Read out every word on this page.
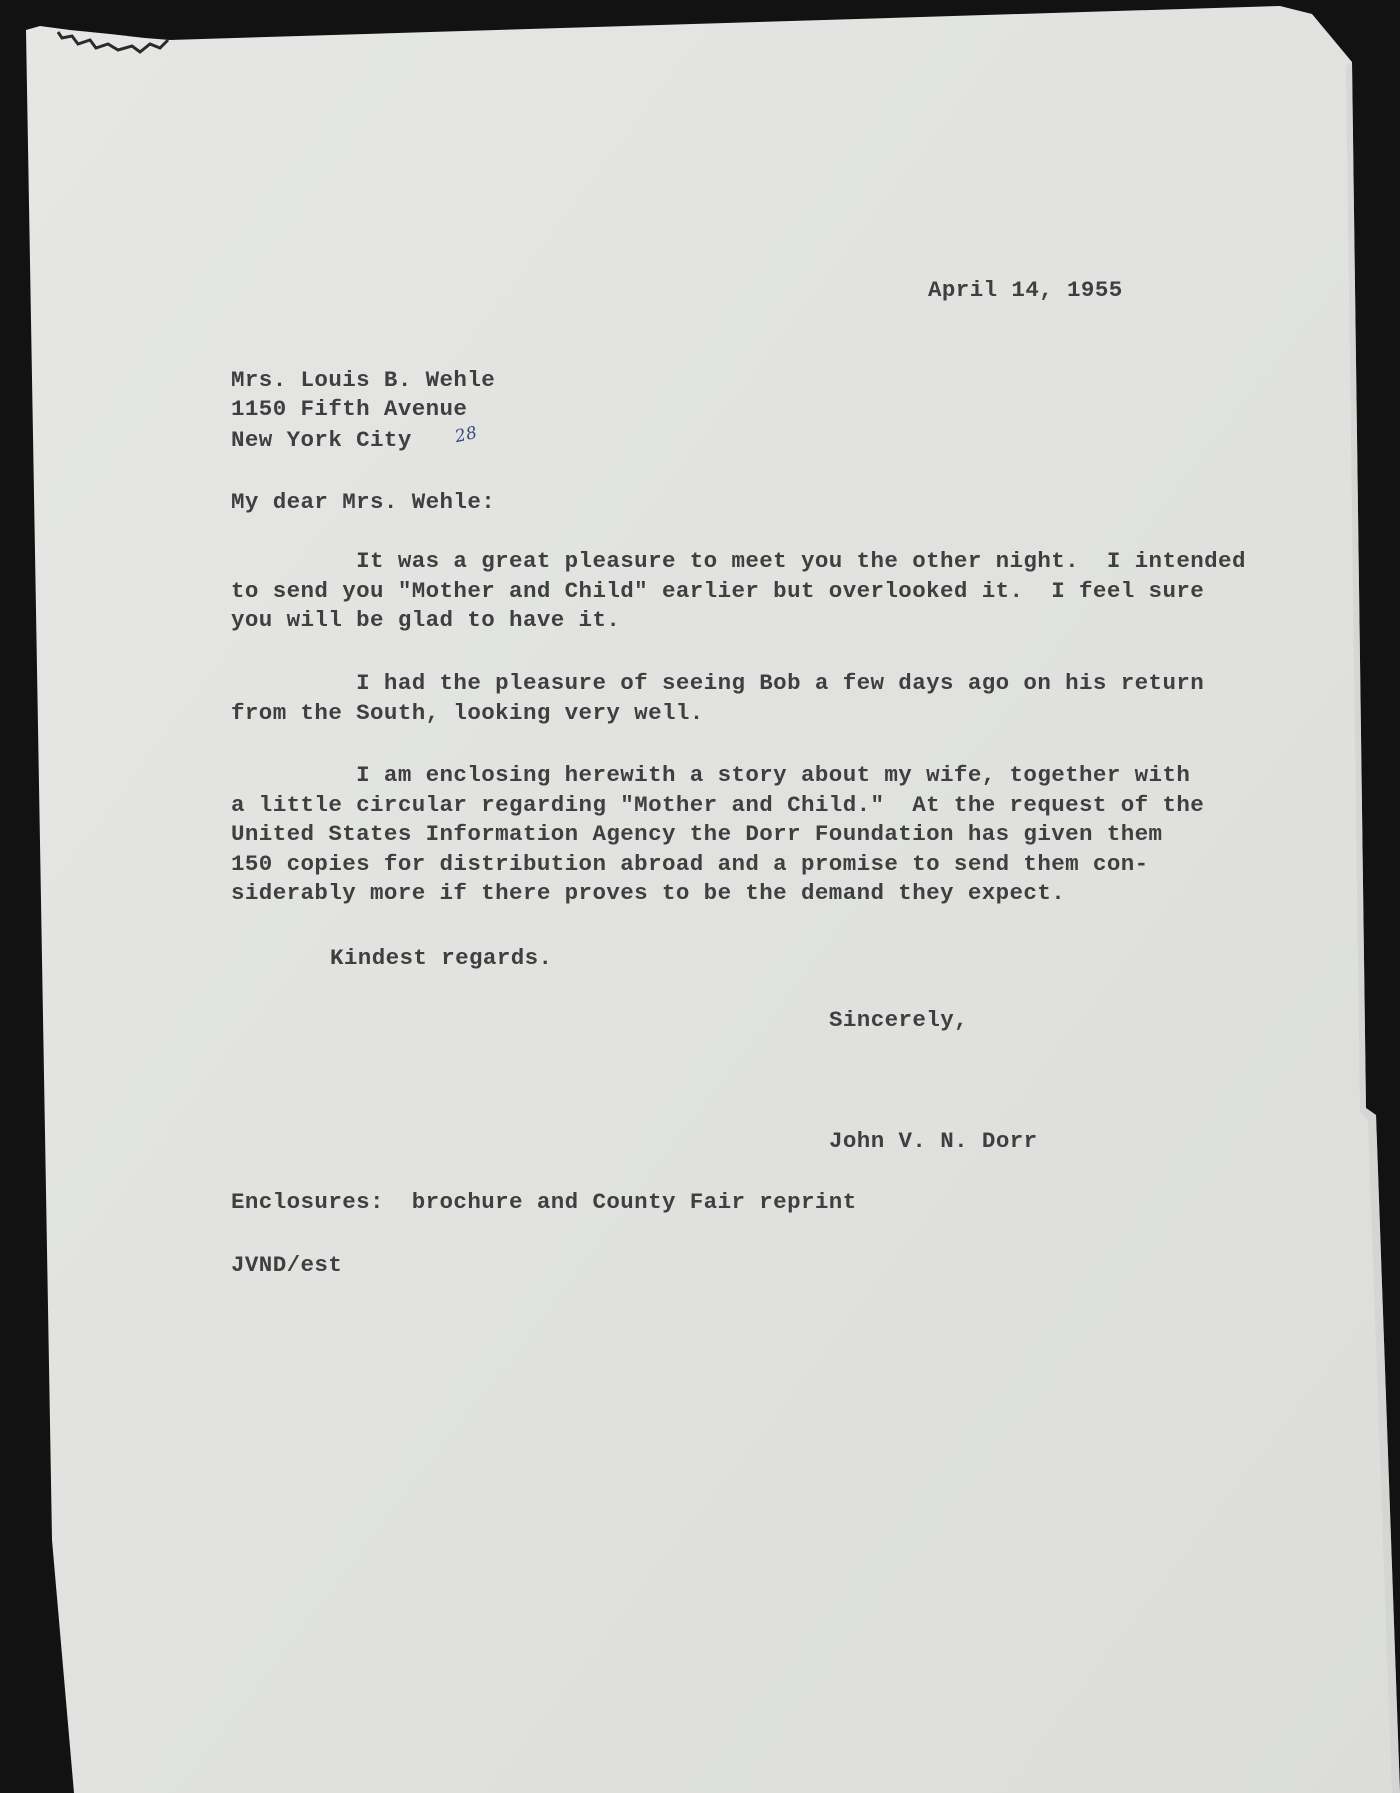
April 14, 1955
Mrs. Louis B. Wehle
1150 Fifth Avenue
New York City 28
My dear Mrs. Wehle:
It was a great pleasure to meet you the other night.  I intended
to send you "Mother and Child" earlier but overlooked it.  I feel sure
you will be glad to have it.
I had the pleasure of seeing Bob a few days ago on his return
from the South, looking very well.
I am enclosing herewith a story about my wife, together with
a little circular regarding "Mother and Child."  At the request of the
United States Information Agency the Dorr Foundation has given them
150 copies for distribution abroad and a promise to send them con-
siderably more if there proves to be the demand they expect.
Kindest regards.
Sincerely,
John V. N. Dorr
Enclosures:  brochure and County Fair reprint
JVND/est
